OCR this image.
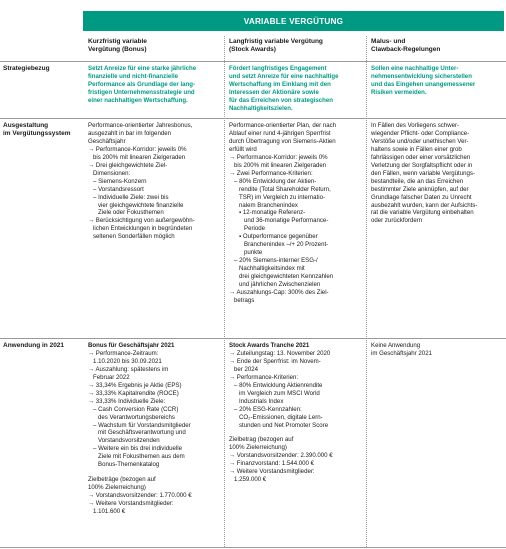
VARIABLE VERGÜTUNG
Kurzfristig variable
Vergütung (Bonus)
Langfristig variable Vergütung
(Stock Awards)
Malus- und
Clawback-Regelungen
Strategiebezug	Setzt Anreize für eine starke jährliche
finanzielle und nicht-finanzielle
Performance als Grundlage der lang-
fristigen Unternehmensstrategie und
einer nachhaltigen Wertschaffung.
Fördert langfristiges Engagement
und setzt Anreize für eine nachhaltige
Wertschaffung im Einklang mit den
Interessen der Aktionäre sowie
für das Erreichen von strategischen
Nachhaltigkeitszielen.
Sollen eine nachhaltige Unter-
nehmensentwicklung sicherstellen
und das Eingehen unangemessener
Risiken vermeiden.
Ausgestaltung
im Vergütungssystem
Performance-orientierter Jahresbonus,
ausgezahlt in bar im folgenden
Geschäftsjahr
→ Performance-Korridor: jeweils 0%
bis 200% mit linearen Zielgeraden
→ Drei gleichgewichtete Ziel-
Dimensionen:
– Siemens-Konzern
– Vorstandsressort
– Individuelle Ziele: zwei bis
vier gleichgewichtete finanzielle
Ziele oder Fokusthemen
→ Berücksichtigung von außergewöhn-
lichen Entwicklungen in begründeten
seltenen Sonderfällen möglich
Performance-orientierter Plan, der nach
Ablauf einer rund 4-jährigen Sperrfrist
durch Übertragung von Siemens-Aktien
erfüllt wird
→ Performance-Korridor: jeweils 0%
bis 200% mit linearen Zielgeraden
→ Zwei Performance-Kriterien:
– 80% Entwicklung der Aktien-
rendite (Total Shareholder Return,
TSR) im Vergleich zu internatio-
nalem Branchenindex
▪ 12-monatige Referenz-
und 36-monatige Performance-
Periode
▪ Outperformance gegenüber
Branchenindex –/+ 20 Prozent-
punkte
– 20% Siemens-interner ESG-/
Nachhaltigkeitsindex mit
drei gleichgewichteten Kennzahlen
und jährlichen Zwischenzielen
→ Auszahlungs-Cap: 300% des Ziel-
betrags
In Fällen des Vorliegens schwer-
wiegender Pflicht- oder Compliance-
Verstöße und/oder unethischen Ver-
haltens sowie in Fällen einer grob
fahrlässigen oder einer vorsätzlichen
Verletzung der Sorgfaltspflicht oder in
den Fällen, wenn variable Vergütungs-
bestandteile, die an das Erreichen
bestimmter Ziele anknüpfen, auf der
Grundlage falscher Daten zu Unrecht
ausbezahlt wurden, kann der Aufsichts-
rat die variable Vergütung einbehalten
oder zurückfordern
Anwendung in 2021	Bonus für Geschäftsjahr 2021
→ Performance-Zeitraum:
1.10.2020 bis 30.09.2021
→ Auszahlung: spätestens im
Februar 2022
→ 33,34% Ergebnis je Aktie (EPS)
→ 33,33% Kapitalrendite (ROCE)
→ 33,33% Individuelle Ziele:
– Cash Conversion Rate (CCR)
des Verantwortungsbereichs
– Wachstum für Vorstandsmitglieder
mit Geschäftsverantwortung und
Vorstandsvorsitzenden
– Weitere ein bis drei individuelle
Ziele mit Fokusthemen aus dem
Bonus-Themenkatalog
Zielbeträge (bezogen auf
100% Zielerreichung)
→ Vorstandsvorsitzender: 1.770.000 €
→ Weitere Vorstandsmitglieder:
1.101.600 €
Stock Awards Tranche 2021
→ Zuteilungstag: 13. November 2020
→ Ende der Sperrfrist: im Novem-
ber 2024
→ Performance-Kriterien:
– 80% Entwicklung Aktienrendite
im Vergleich zum MSCI World
Industrials Index
– 20% ESG-Kennzahlen:
CO₂-Emissionen, digitale Lern-
stunden und Net Promoter Score
Zielbetrag (bezogen auf
100% Zielerreichung)
→ Vorstandsvorsitzender: 2.390.000 €
→ Finanzvorstand: 1.544.000 €
→ Weitere Vorstandsmitglieder:
1.259.000 €
Keine Anwendung
im Geschäftsjahr 2021
